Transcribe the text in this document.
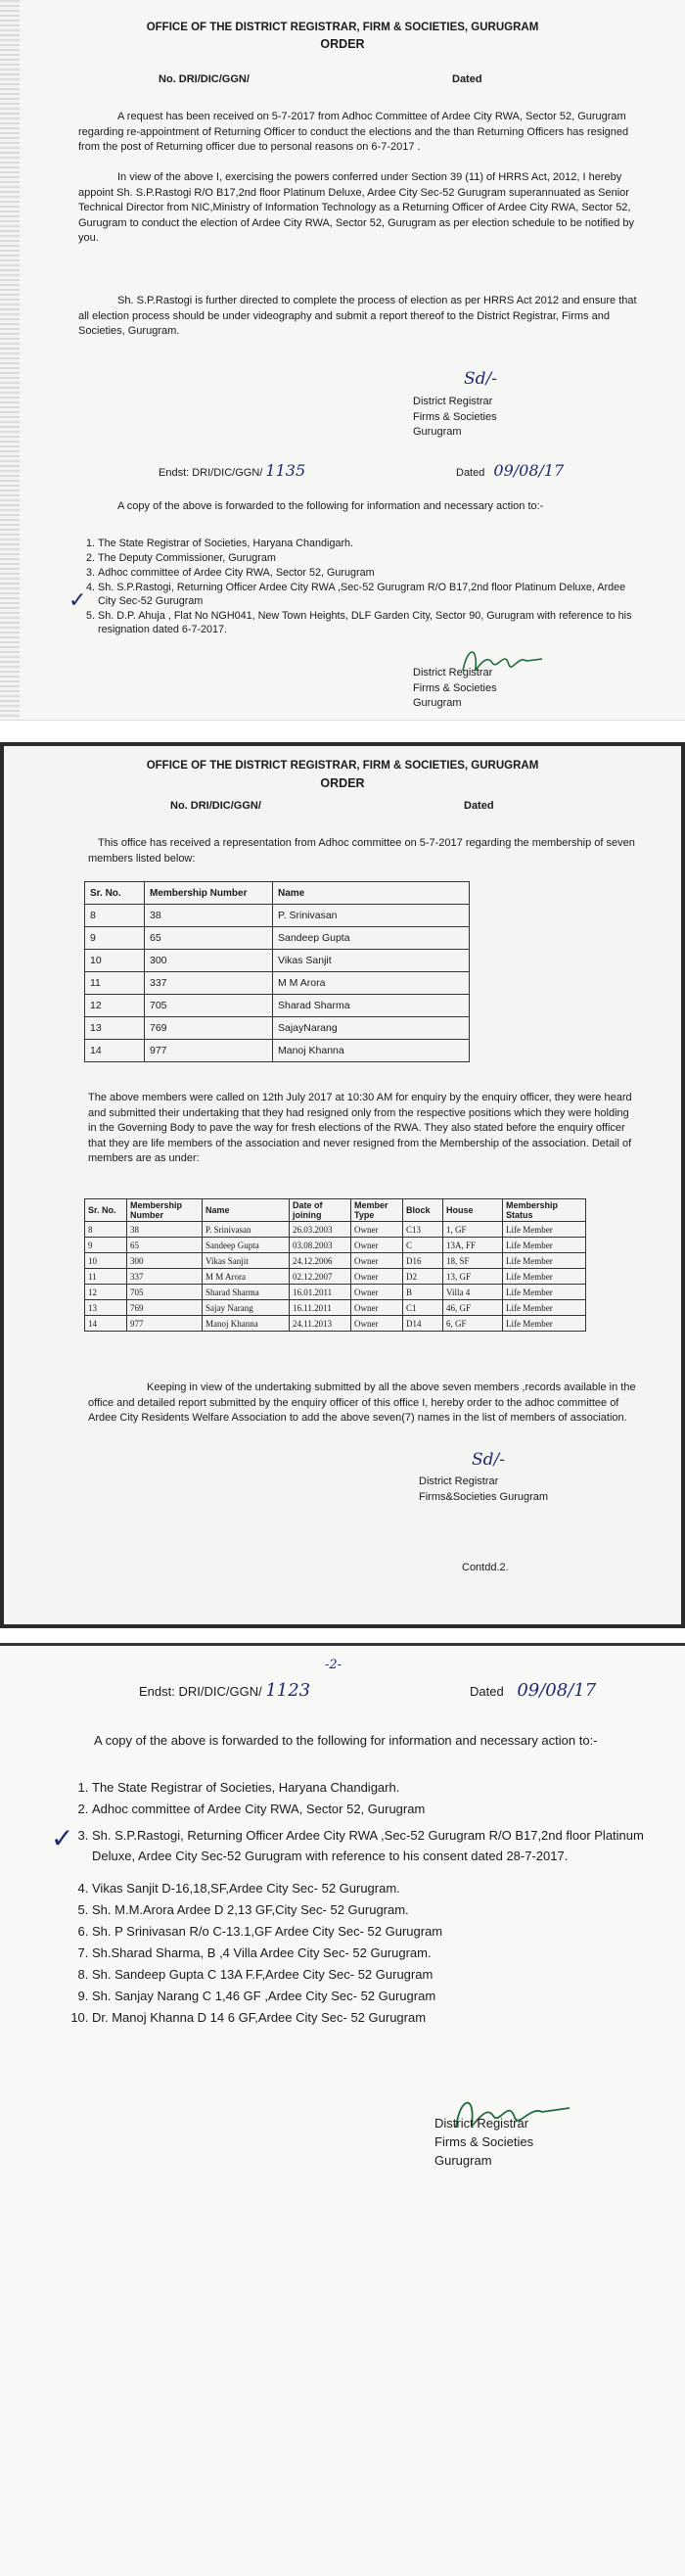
OFFICE OF THE DISTRICT REGISTRAR, FIRM & SOCIETIES, GURUGRAM
ORDER
No. DRI/DIC/GGN/	Dated
A request has been received on 5-7-2017 from Adhoc Committee of Ardee City RWA, Sector 52, Gurugram regarding re-appointment of Returning Officer to conduct the elections and the than Returning Officers has resigned from the post of Returning officer due to personal reasons on 6-7-2017 .
In view of the above I, exercising the powers conferred under Section 39 (11) of HRRS Act, 2012, I hereby appoint Sh. S.P.Rastogi R/O B17,2nd floor Platinum Deluxe, Ardee City Sec-52 Gurugram superannuated as Senior Technical Director from NIC,Ministry of Information Technology as a Returning Officer of Ardee City RWA, Sector 52, Gurugram to conduct the election of Ardee City RWA, Sector 52, Gurugram as per election schedule to be notified by you.
Sh. S.P.Rastogi is further directed to complete the process of election as per HRRS Act 2012 and ensure that all election process should be under videography and submit a report thereof to the District Registrar, Firms and Societies, Gurugram.
Sd/-
District Registrar
Firms & Societies
Gurugram
Endst: DRI/DIC/GGN/ 1135	Dated 09/08/17
A copy of the above is forwarded to the following for information and necessary action to:-
1. The State Registrar of Societies, Haryana Chandigarh.
2. The Deputy Commissioner, Gurugram
3. Adhoc committee of Ardee City RWA, Sector 52, Gurugram
4. Sh. S.P.Rastogi, Returning Officer Ardee City RWA ,Sec-52 Gurugram R/O B17,2nd floor Platinum Deluxe, Ardee City Sec-52 Gurugram
5. Sh. D.P. Ahuja , Flat No NGH041, New Town Heights, DLF Garden City, Sector 90, Gurugram with reference to his resignation dated 6-7-2017.
✓
District Registrar
Firms & Societies
Gurugram
OFFICE OF THE DISTRICT REGISTRAR, FIRM & SOCIETIES, GURUGRAM
ORDER
No. DRI/DIC/GGN/	Dated
This office has received a representation from Adhoc committee on 5-7-2017 regarding the membership of seven members listed below:
Sr. No.	Membership Number	Name
8	38	P. Srinivasan
9	65	Sandeep Gupta
10	300	Vikas Sanjit
11	337	M M Arora
12	705	Sharad Sharma
13	769	SajayNarang
14	977	Manoj Khanna
The above members were called on 12th July 2017 at 10:30 AM for enquiry by the enquiry officer, they were heard and submitted their undertaking that they had resigned only from the respective positions which they were holding in the Governing Body to pave the way for fresh elections of the RWA. They also stated before the enquiry officer that they are life members of the association and never resigned from the Membership of the association. Detail of members are as under:
Sr. No.	Membership Number	Name	Date of joining	Member Type	Block	House	Membership Status
8	38	P. Srinivasan	26.03.2003	Owner	C13	1, GF	Life Member
9	65	Sandeep Gupta	03.08.2003	Owner	C	13A, FF	Life Member
10	300	Vikas Sanjit	24.12.2006	Owner	D16	18, SF	Life Member
11	337	M M Arora	02.12.2007	Owner	D2	13, GF	Life Member
12	705	Sharad Sharma	16.01.2011	Owner	B	Villa 4	Life Member
13	769	Sajay Narang	16.11.2011	Owner	C1	46, GF	Life Member
14	977	Manoj Khanna	24.11.2013	Owner	D14	6, GF	Life Member
Keeping in view of the undertaking submitted by all the above seven members ,records available in the office and detailed report submitted by the enquiry officer of this office I, hereby order to the adhoc committee of Ardee City Residents Welfare Association to add the above seven(7) names in the list of members of association.
Sd/-
District Registrar
Firms&Societies Gurugram
Contdd.2.
-2-
Endst: DRI/DIC/GGN/ 1123	Dated 09/08/17
A copy of the above is forwarded to the following for information and necessary action to:-
1. The State Registrar of Societies, Haryana Chandigarh.
2. Adhoc committee of Ardee City RWA, Sector 52, Gurugram
3. Sh. S.P.Rastogi, Returning Officer Ardee City RWA ,Sec-52 Gurugram R/O B17,2nd floor Platinum Deluxe, Ardee City Sec-52 Gurugram with reference to his consent dated 28-7-2017.
4. Vikas Sanjit D-16,18,SF,Ardee City Sec- 52 Gurugram.
5. Sh. M.M.Arora Ardee D 2,13 GF,City Sec- 52 Gurugram.
6. Sh. P Srinivasan R/o C-13.1,GF Ardee City Sec- 52 Gurugram
7. Sh.Sharad Sharma, B ,4 Villa Ardee City Sec- 52 Gurugram.
8. Sh. Sandeep Gupta C 13A F.F,Ardee City Sec- 52 Gurugram
9. Sh. Sanjay Narang C 1,46 GF ,Ardee City Sec- 52 Gurugram
10. Dr. Manoj Khanna D 14 6 GF,Ardee City Sec- 52 Gurugram
✓
District Registrar
Firms & Societies
Gurugram
